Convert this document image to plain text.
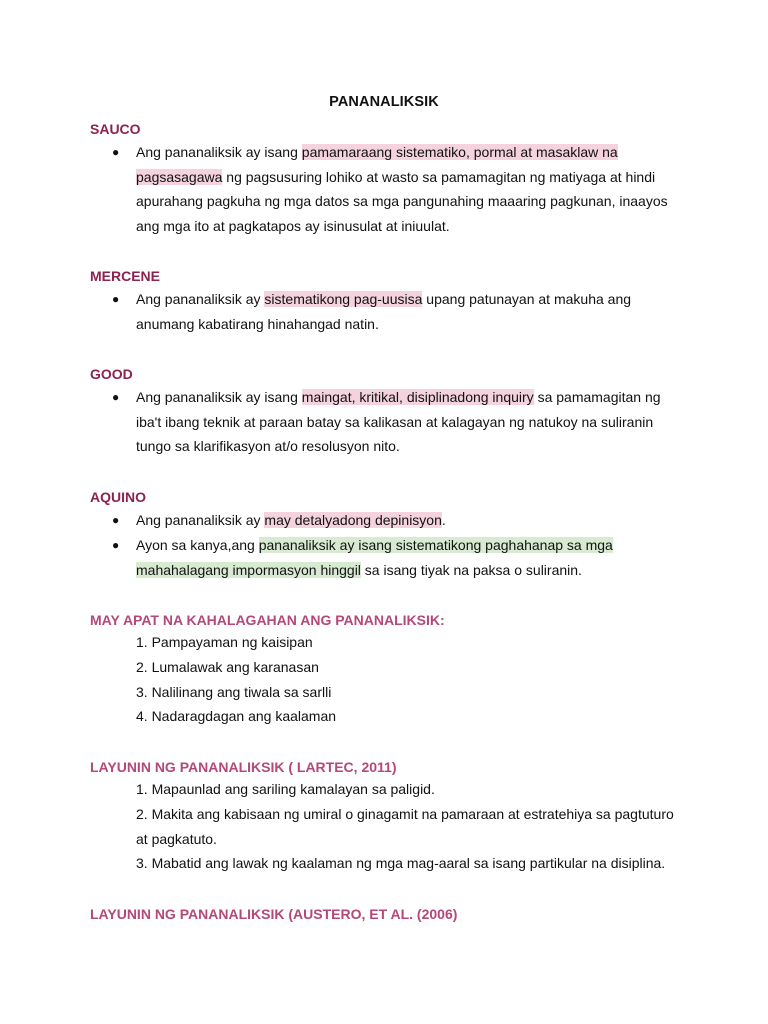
PANANALIKSIK
SAUCO
● Ang pananaliksik ay isang pamamaraang sistematiko, pormal at masaklaw na pagsasagawa ng pagsusuring lohiko at wasto sa pamamagitan ng matiyaga at hindi apurahang pagkuha ng mga datos sa mga pangunahing maaaring pagkunan, inaayos ang mga ito at pagkatapos ay isinusulat at iniuulat.
MERCENE
● Ang pananaliksik ay sistematikong pag-uusisa upang patunayan at makuha ang anumang kabatirang hinahangad natin.
GOOD
● Ang pananaliksik ay isang maingat, kritikal, disiplinadong inquiry sa pamamagitan ng iba't ibang teknik at paraan batay sa kalikasan at kalagayan ng natukoy na suliranin tungo sa klarifikasyon at/o resolusyon nito.
AQUINO
● Ang pananaliksik ay may detalyadong depinisyon.
● Ayon sa kanya,ang pananaliksik ay isang sistematikong paghahanap sa mga mahahalagang impormasyon hinggil sa isang tiyak na paksa o suliranin.
MAY APAT NA KAHALAGAHAN ANG PANANALIKSIK:
1. Pampayaman ng kaisipan
2. Lumalawak ang karanasan
3. Nalilinang ang tiwala sa sarlli
4. Nadaragdagan ang kaalaman
LAYUNIN NG PANANALIKSIK ( LARTEC, 2011)
1. Mapaunlad ang sariling kamalayan sa paligid.
2. Makita ang kabisaan ng umiral o ginagamit na pamaraan at estratehiya sa pagtuturo
at pagkatuto.
3. Mabatid ang lawak ng kaalaman ng mga mag-aaral sa isang partikular na disiplina.
LAYUNIN NG PANANALIKSIK (AUSTERO, ET AL. (2006)
